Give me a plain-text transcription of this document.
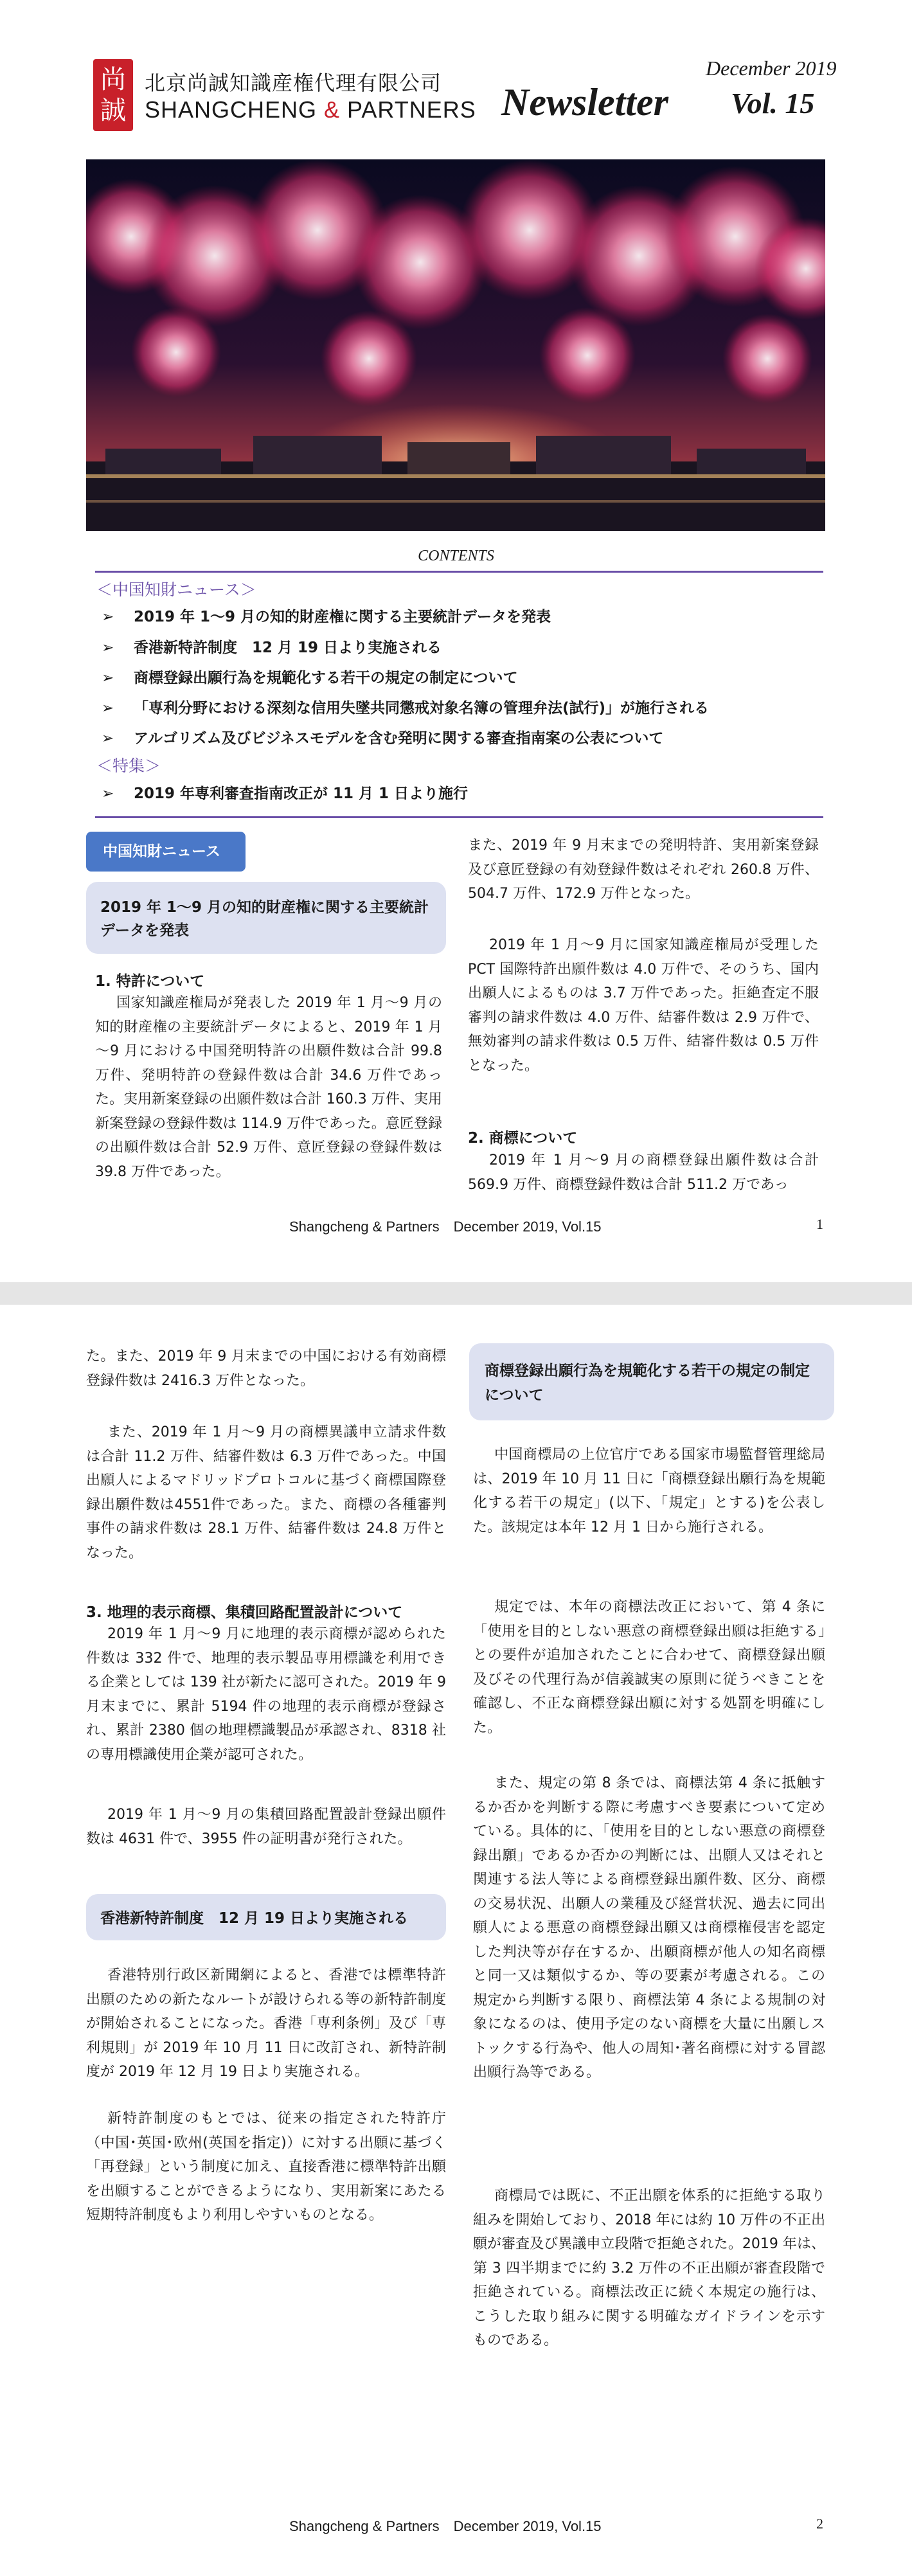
尚
誠
北京尚誠知識産権代理有限公司
SHANGCHENG & PARTNERS Newsletter
December 2019
Vol. 15
CONTENTS
＜中国知財ニュース＞
➢ 2019 年 1～9 月の知的財産権に関する主要統計データを発表
➢ 香港新特許制度　12 月 19 日より実施される
➢ 商標登録出願行為を規範化する若干の規定の制定について
➢ 「専利分野における深刻な信用失墜共同懲戒対象名簿の管理弁法(試行)」が施行される
➢ アルゴリズム及びビジネスモデルを含む発明に関する審査指南案の公表について
＜特集＞
➢ 2019 年専利審査指南改正が 11 月 1 日より施行
中国知財ニュース
2019 年 1～9 月の知的財産権に関する主要統計データを発表

1. 特許について

国家知識産権局が発表した 2019 年 1 月～9 月の知的財産権の主要統計データによると、2019 年 1 月～9 月における中国発明特許の出願件数は合計 99.8 万件、発明特許の登録件数は合計 34.6 万件であった。実用新案登録の出願件数は合計 160.3 万件、実用新案登録の登録件数は 114.9 万件であった。意匠登録の出願件数は合計 52.9 万件、意匠登録の登録件数は 39.8 万件であった。

また、2019 年 9 月末までの発明特許、実用新案登録及び意匠登録の有効登録件数はそれぞれ 260.8 万件、504.7 万件、172.9 万件となった。

2019 年 1 月～9 月に国家知識産権局が受理した PCT 国際特許出願件数は 4.0 万件で、そのうち、国内出願人によるものは 3.7 万件であった。拒絶査定不服審判の請求件数は 4.0 万件、結審件数は 2.9 万件で、無効審判の請求件数は 0.5 万件、結審件数は 0.5 万件となった。

2. 商標について

2019 年 1 月～9 月の商標登録出願件数は合計 569.9 万件、商標登録件数は合計 511.2 万であっ

Shangcheng & Partners　December 2019, Vol.15	1

た。また、2019 年 9 月末までの中国における有効商標登録件数は 2416.3 万件となった。

また、2019 年 1 月～9 月の商標異議申立請求件数は合計 11.2 万件、結審件数は 6.3 万件であった。中国出願人によるマドリッドプロトコルに基づく商標国際登録出願件数は4551件であった。また、商標の各種審判事件の請求件数は 28.1 万件、結審件数は 24.8 万件となった。

3. 地理的表示商標、集積回路配置設計について

2019 年 1 月～9 月に地理的表示商標が認められた件数は 332 件で、地理的表示製品専用標識を利用できる企業としては 139 社が新たに認可された。2019 年 9 月末までに、累計 5194 件の地理的表示商標が登録され、累計 2380 個の地理標識製品が承認され、8318 社の専用標識使用企業が認可された。

2019 年 1 月～9 月の集積回路配置設計登録出願件数は 4631 件で、3955 件の証明書が発行された。

香港新特許制度　12 月 19 日より実施される

香港特別行政区新聞網によると、香港では標準特許出願のための新たなルートが設けられる等の新特許制度が開始されることになった。香港「専利条例」及び「専利規則」が 2019 年 10 月 11 日に改訂され、新特許制度が 2019 年 12 月 19 日より実施される。

新特許制度のもとでは、従来の指定された特許庁（中国･英国･欧州(英国を指定)）に対する出願に基づく「再登録」という制度に加え、直接香港に標準特許出願を出願することができるようになり、実用新案にあたる短期特許制度もより利用しやすいものとなる。

商標登録出願行為を規範化する若干の規定の制定について

中国商標局の上位官庁である国家市場監督管理総局は、2019 年 10 月 11 日に「商標登録出願行為を規範化する若干の規定」(以下、「規定」とする)を公表した。該規定は本年 12 月 1 日から施行される。

規定では、本年の商標法改正において、第 4 条に「使用を目的としない悪意の商標登録出願は拒絶する」との要件が追加されたことに合わせて、商標登録出願及びその代理行為が信義誠実の原則に従うべきことを確認し、不正な商標登録出願に対する処罰を明確にした。

また、規定の第 8 条では、商標法第 4 条に抵触するか否かを判断する際に考慮すべき要素について定めている。具体的に、「使用を目的としない悪意の商標登録出願」であるか否かの判断には、出願人又はそれと関連する法人等による商標登録出願件数、区分、商標の交易状況、出願人の業種及び経営状況、過去に同出願人による悪意の商標登録出願又は商標権侵害を認定した判決等が存在するか、出願商標が他人の知名商標と同一又は類似するか、等の要素が考慮される。この規定から判断する限り、商標法第 4 条による規制の対象になるのは、使用予定のない商標を大量に出願しストックする行為や、他人の周知･著名商標に対する冒認出願行為等である。

商標局では既に、不正出願を体系的に拒絶する取り組みを開始しており、2018 年には約 10 万件の不正出願が審査及び異議申立段階で拒絶された。2019 年は、第 3 四半期までに約 3.2 万件の不正出願が審査段階で拒絶されている。商標法改正に続く本規定の施行は、こうした取り組みに関する明確なガイドラインを示すものである。

Shangcheng & Partners　December 2019, Vol.15	2
